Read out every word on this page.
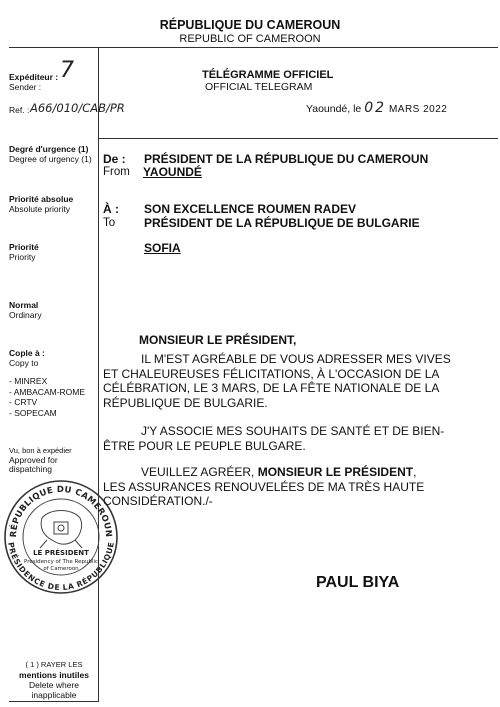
RÉPUBLIQUE DU CAMEROUN
REPUBLIC OF CAMEROON
TÉLÉGRAMME OFFICIEL
OFFICIAL TELEGRAM
Yaoundé, le 02 MARS 2022
Expéditeur :
Sender :
7
Ref. : A66/010/CAB/PR
Degré d'urgence (1)
Degree of urgency (1)
Priorité absolue
Absolute priority
Priorité
Priority
Normal
Ordinary
Cople à :
Copy to
- MINREX
- AMBACAM-ROME
- CRTV
- SOPECAM
Vu, bon à expédier
Approved for
dispatching
RÉPUBLIQUE DU CAMEROUN
PRÉSIDENCE DE LA RÉPUBLIQUE
LE PRÉSIDENT
Presidency of The Republic
of Cameroon
( 1 ) RAYER LES
mentions inutiles
Delete where
inapplicable
De :
From
PRÉSIDENT DE LA RÉPUBLIQUE DU CAMEROUN
YAOUNDÉ
À :
To
SON EXCELLENCE ROUMEN RADEV
PRÉSIDENT DE LA RÉPUBLIQUE DE BULGARIE
SOFIA
MONSIEUR LE PRÉSIDENT,
IL M'EST AGRÉABLE DE VOUS ADRESSER MES VIVES
ET CHALEUREUSES FÉLICITATIONS, À L'OCCASION DE LA
CÉLÉBRATION, LE 3 MARS, DE LA FÊTE NATIONALE DE LA
RÉPUBLIQUE DE BULGARIE.
J'Y ASSOCIE MES SOUHAITS DE SANTÉ ET DE BIEN-
ÊTRE POUR LE PEUPLE BULGARE.
VEUILLEZ AGRÉER, MONSIEUR LE PRÉSIDENT,
LES ASSURANCES RENOUVELÉES DE MA TRÈS HAUTE
CONSIDÉRATION./-
PAUL BIYA
